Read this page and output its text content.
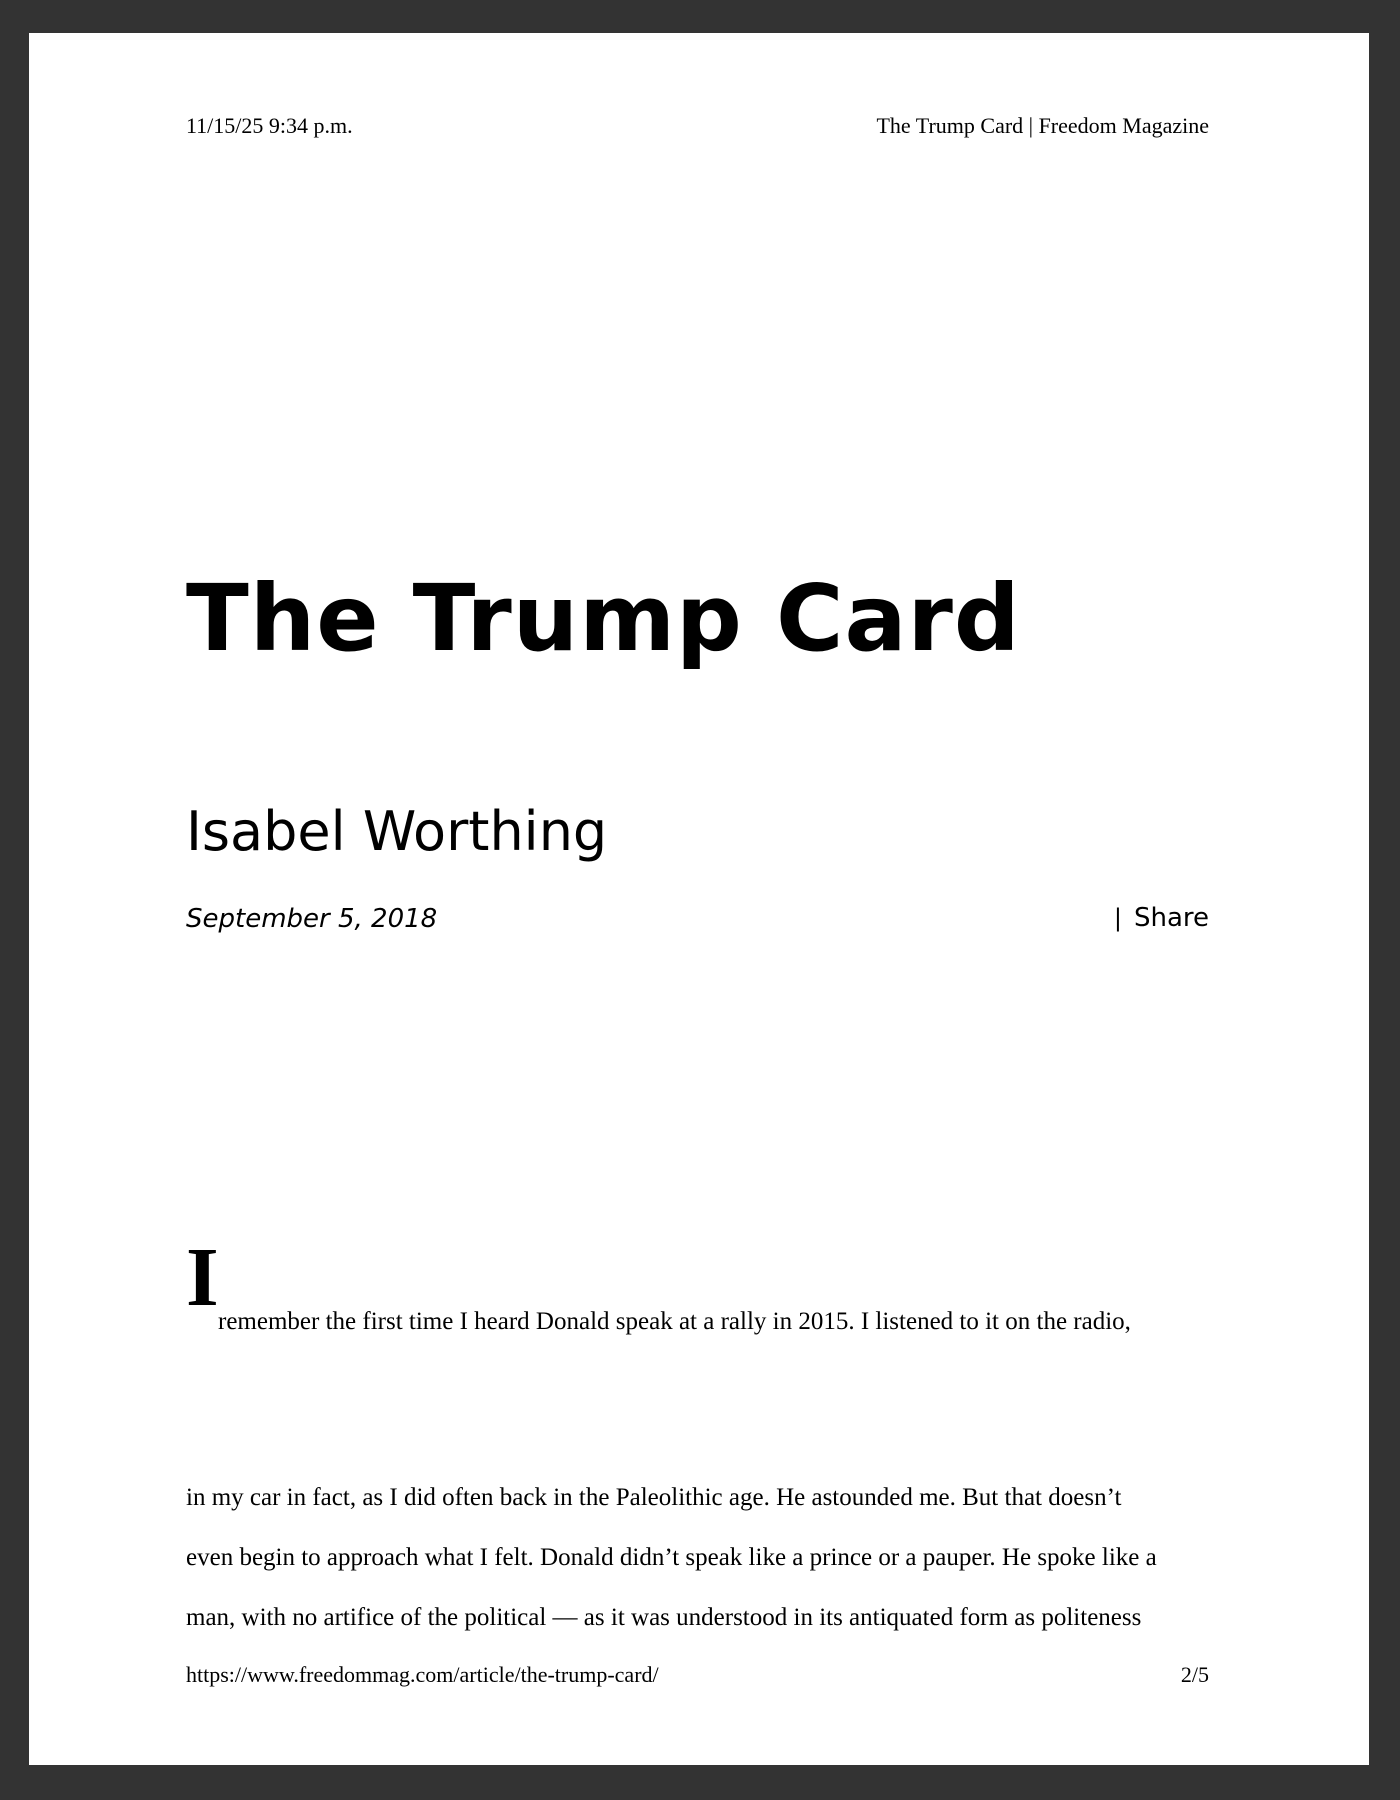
11/15/25 9:34 p.m.	The Trump Card | Freedom Magazine
The Trump Card
Isabel Worthing
September 5, 2018	| Share
I remember the first time I heard Donald speak at a rally in 2015. I listened to it on the radio,
in my car in fact, as I did often back in the Paleolithic age. He astounded me. But that doesn’t
even begin to approach what I felt. Donald didn’t speak like a prince or a pauper. He spoke like a
man, with no artifice of the political — as it was understood in its antiquated form as politeness
https://www.freedommag.com/article/the-trump-card/	2/5
